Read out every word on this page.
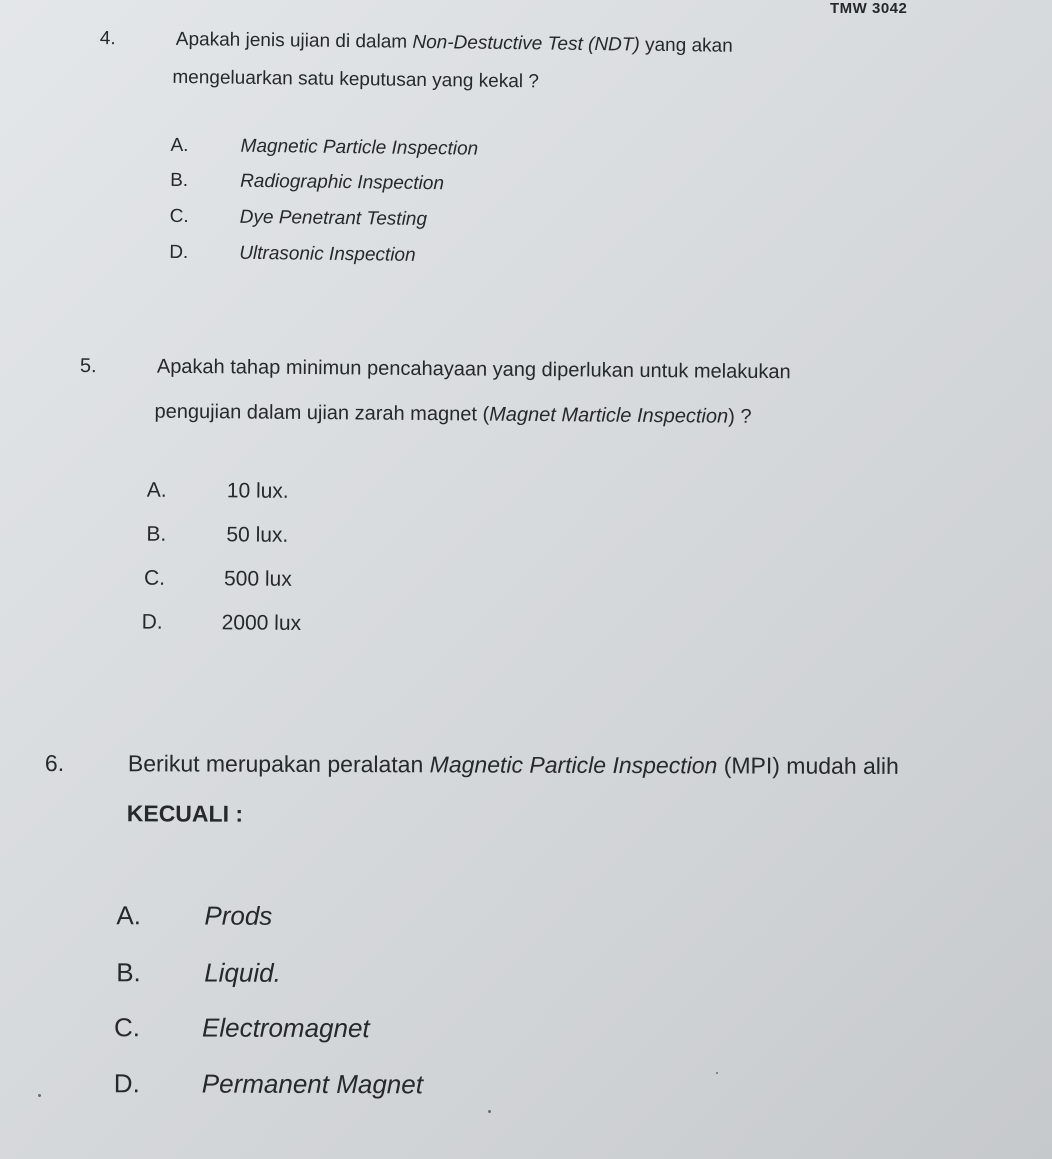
TMW 3042
4.	Apakah jenis ujian di dalam Non-Destuctive Test (NDT) yang akan
mengeluarkan satu keputusan yang kekal ?
A.	Magnetic Particle Inspection
B.	Radiographic Inspection
C.	Dye Penetrant Testing
D.	Ultrasonic Inspection
5.	Apakah tahap minimun pencahayaan yang diperlukan untuk melakukan
pengujian dalam ujian zarah magnet (Magnet Marticle Inspection) ?
A.	10 lux.
B.	50 lux.
C.	500 lux
D.	2000 lux
6.	Berikut merupakan peralatan Magnetic Particle Inspection (MPI) mudah alih
KECUALI :
A. Prods
B. Liquid.
C. Electromagnet
D. Permanent Magnet
